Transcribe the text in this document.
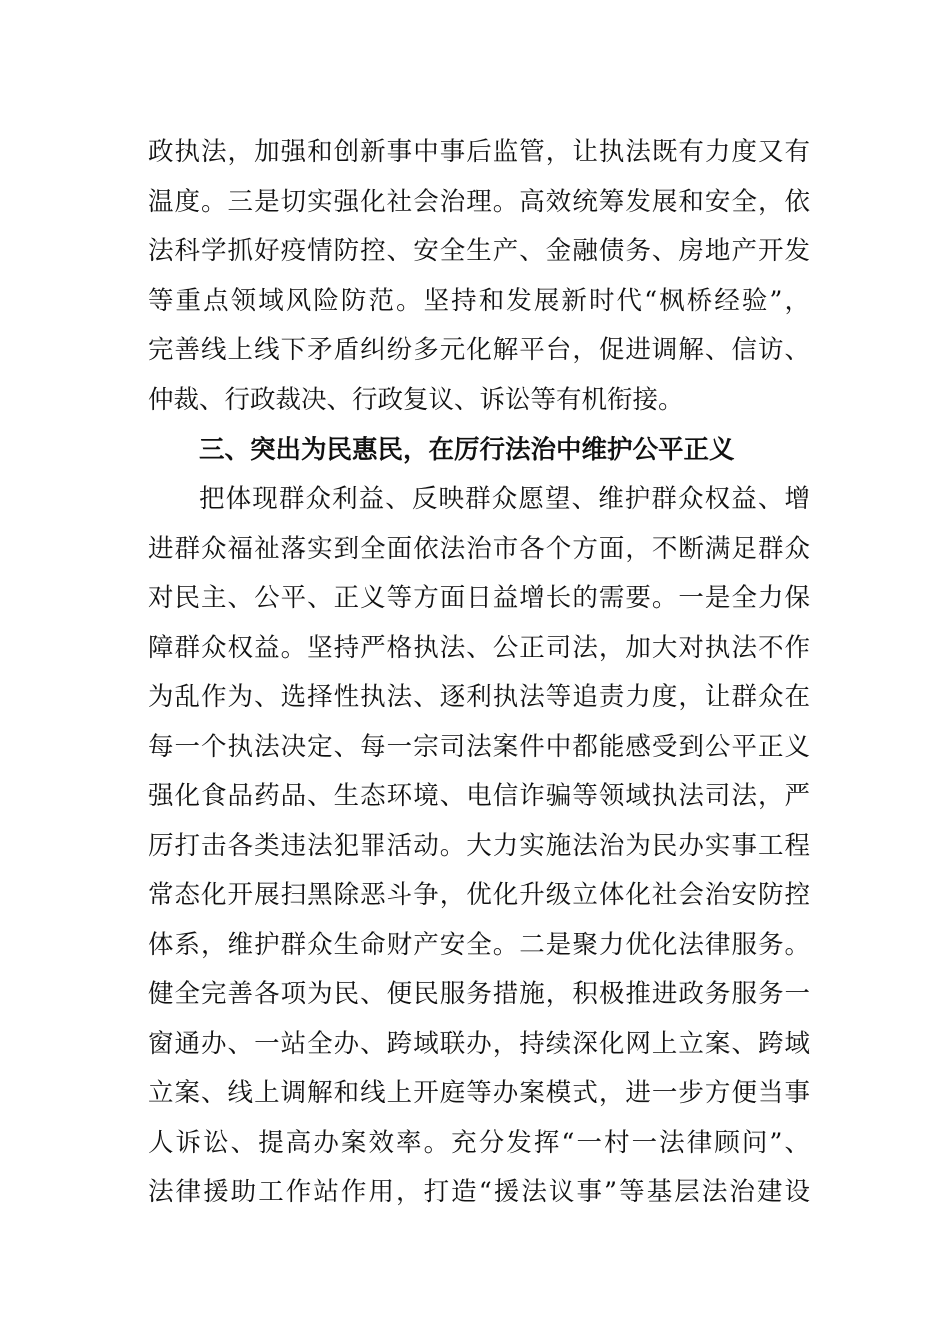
政执法，加强和创新事中事后监管，让执法既有力度又有
温度。三是切实强化社会治理。高效统筹发展和安全，依
法科学抓好疫情防控、安全生产、金融债务、房地产开发
等重点领域风险防范。坚持和发展新时代“枫桥经验”，
完善线上线下矛盾纠纷多元化解平台，促进调解、信访、
仲裁、行政裁决、行政复议、诉讼等有机衔接。
三、突出为民惠民，在厉行法治中维护公平正义
把体现群众利益、反映群众愿望、维护群众权益、增
进群众福祉落实到全面依法治市各个方面，不断满足群众
对民主、公平、正义等方面日益增长的需要。一是全力保
障群众权益。坚持严格执法、公正司法，加大对执法不作
为乱作为、选择性执法、逐利执法等追责力度，让群众在
每一个执法决定、每一宗司法案件中都能感受到公平正义
强化食品药品、生态环境、电信诈骗等领域执法司法，严
厉打击各类违法犯罪活动。大力实施法治为民办实事工程
常态化开展扫黑除恶斗争，优化升级立体化社会治安防控
体系，维护群众生命财产安全。二是聚力优化法律服务。
健全完善各项为民、便民服务措施，积极推进政务服务一
窗通办、一站全办、跨域联办，持续深化网上立案、跨域
立案、线上调解和线上开庭等办案模式，进一步方便当事
人诉讼、提高办案效率。充分发挥“一村一法律顾问”、
法律援助工作站作用，打造“援法议事”等基层法治建设
